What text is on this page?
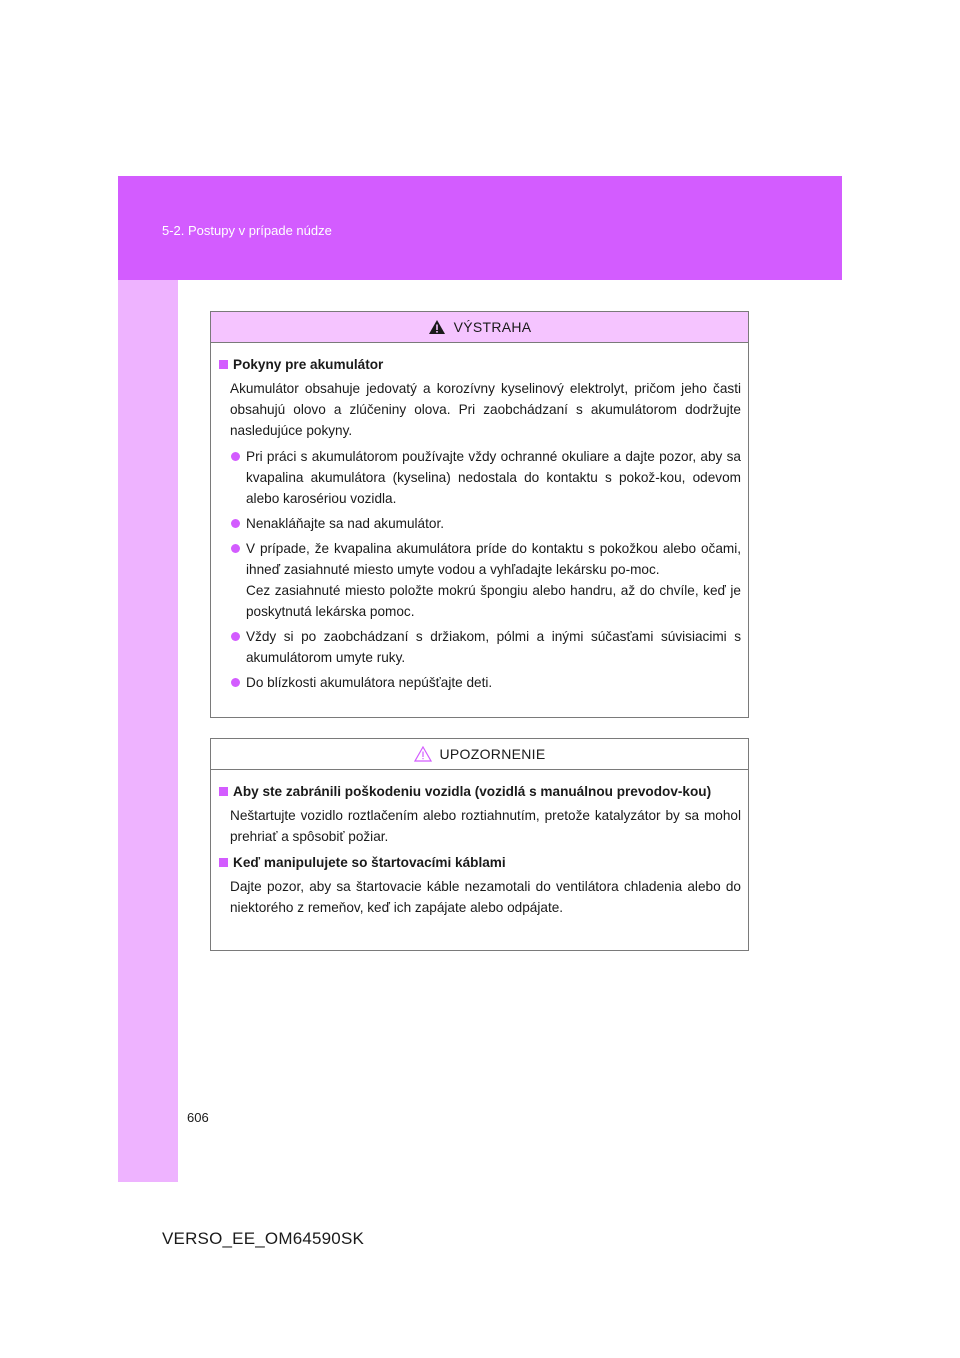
5-2. Postupy v prípade núdze
VÝSTRAHA
Pokyny pre akumulátor
Akumulátor obsahuje jedovatý a korozívny kyselinový elektrolyt, pričom jeho časti obsahujú olovo a zlúčeniny olova. Pri zaobchádzaní s akumulátorom dodržujte nasledujúce pokyny.
Pri práci s akumulátorom používajte vždy ochranné okuliare a dajte pozor, aby sa kvapalina akumulátora (kyselina) nedostala do kontaktu s pokož-kou, odevom alebo karosériou vozidla.
Nenakláňajte sa nad akumulátor.
V prípade, že kvapalina akumulátora príde do kontaktu s pokožkou alebo očami, ihneď zasiahnuté miesto umyte vodou a vyhľadajte lekársku po-moc.
Cez zasiahnuté miesto položte mokrú špongiu alebo handru, až do chvíle, keď je poskytnutá lekárska pomoc.
Vždy si po zaobchádzaní s držiakom, pólmi a inými súčasťami súvisiacimi s akumulátorom umyte ruky.
Do blízkosti akumulátora nepúšťajte deti.
UPOZORNENIE
Aby ste zabránili poškodeniu vozidla (vozidlá s manuálnou prevodov-kou)
Neštartujte vozidlo roztlačením alebo roztiahnutím, pretože katalyzátor by sa mohol prehriať a spôsobiť požiar.
Keď manipulujete so štartovacími káblami
Dajte pozor, aby sa štartovacie káble nezamotali do ventilátora chladenia alebo do niektorého z remeňov, keď ich zapájate alebo odpájate.
606
VERSO_EE_OM64590SK
